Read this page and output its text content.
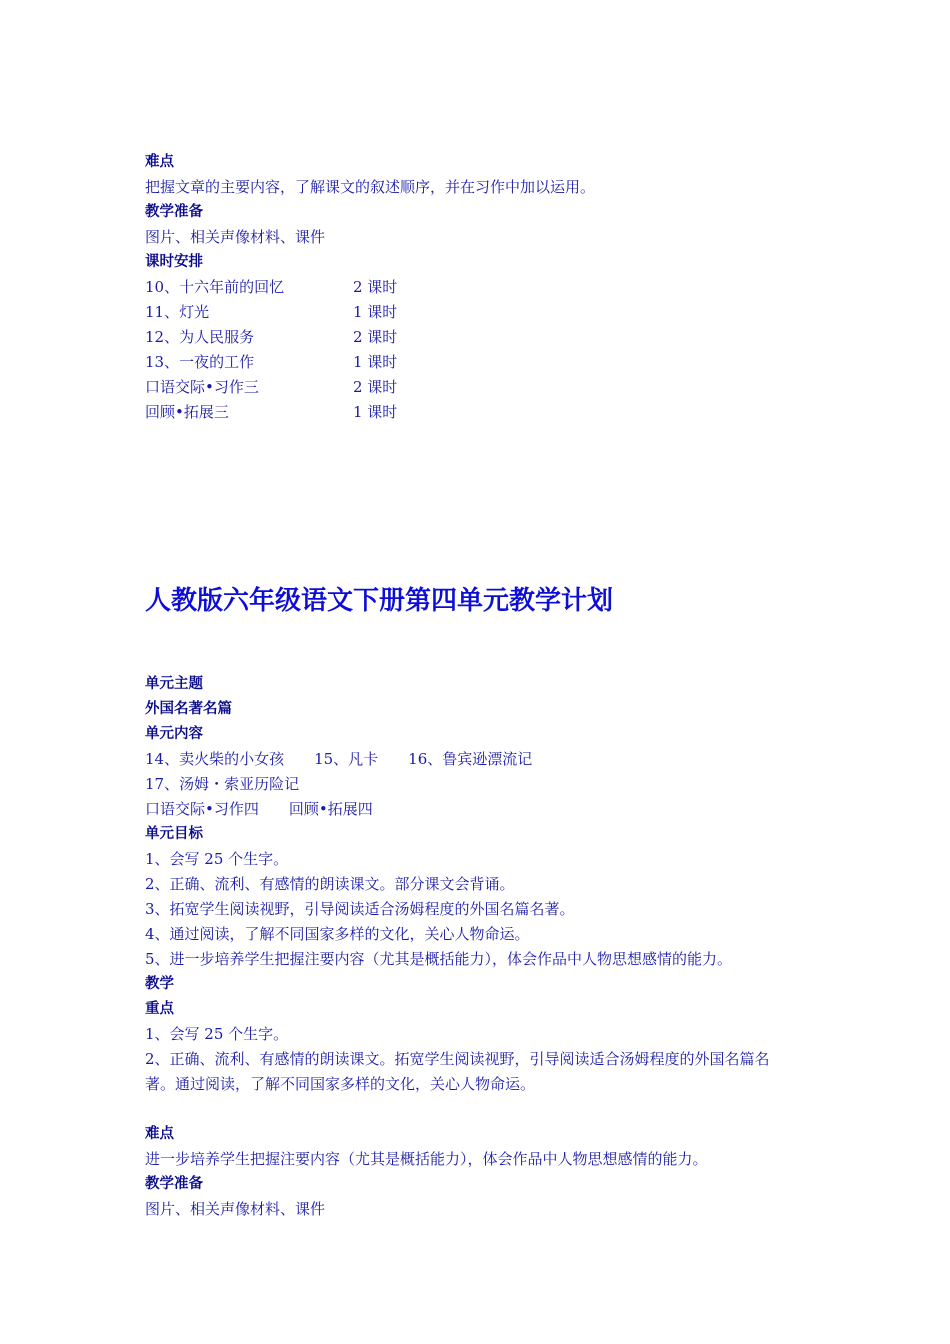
难点
把握文章的主要内容，了解课文的叙述顺序，并在习作中加以运用。
教学准备
图片、相关声像材料、课件
课时安排
10、十六年前的回忆	2 课时
11、灯光	1 课时
12、为人民服务	2 课时
13、一夜的工作	1 课时
口语交际•习作三	2 课时
回顾•拓展三	1 课时
人教版六年级语文下册第四单元教学计划
单元主题
外国名著名篇
单元内容
14、卖火柴的小女孩　　15、凡卡　　16、鲁宾逊漂流记
17、汤姆・索亚历险记
口语交际•习作四　　回顾•拓展四
单元目标
1、会写 25 个生字。
2、正确、流利、有感情的朗读课文。部分课文会背诵。
3、拓宽学生阅读视野，引导阅读适合汤姆程度的外国名篇名著。
4、通过阅读，了解不同国家多样的文化，关心人物命运。
5、进一步培养学生把握注要内容（尤其是概括能力），体会作品中人物思想感情的能力。
教学
重点
1、会写 25 个生字。
2、正确、流利、有感情的朗读课文。拓宽学生阅读视野，引导阅读适合汤姆程度的外国名篇名
著。通过阅读，了解不同国家多样的文化，关心人物命运。
难点
进一步培养学生把握注要内容（尤其是概括能力），体会作品中人物思想感情的能力。
教学准备
图片、相关声像材料、课件
